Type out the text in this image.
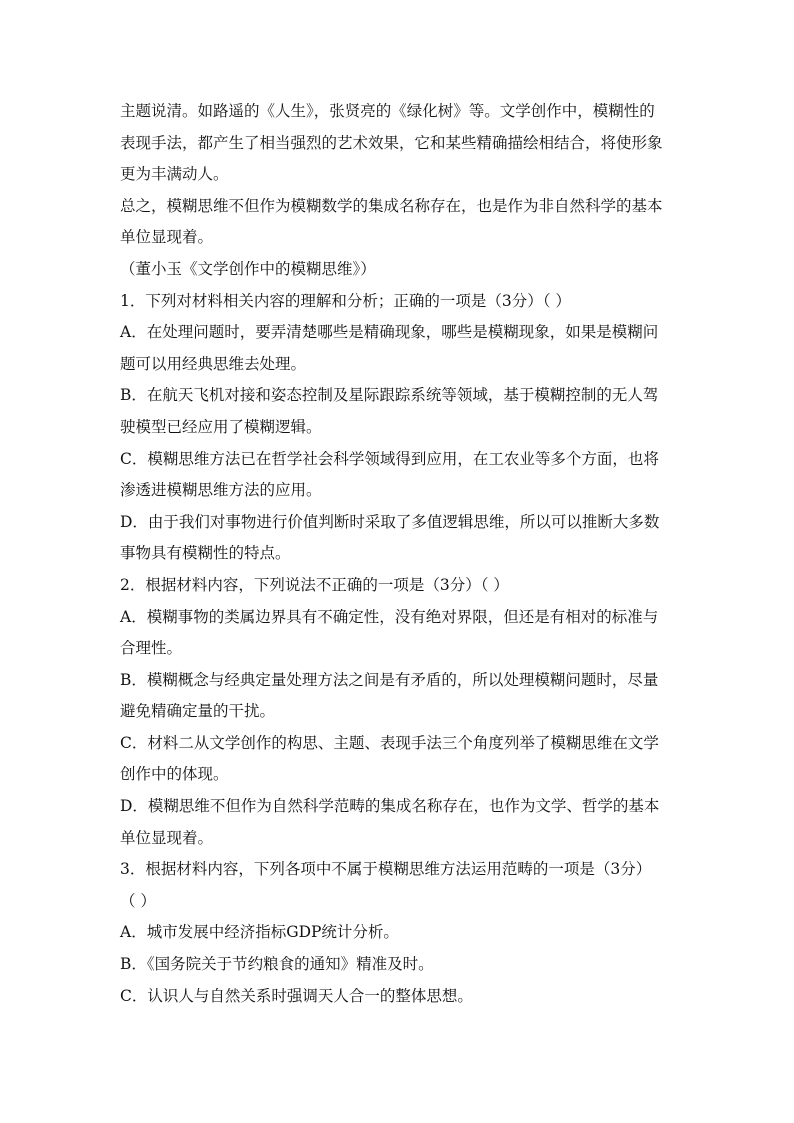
主题说清。如路遥的《人生》，张贤亮的《绿化树》等。文学创作中，模糊性的
表现手法，都产生了相当强烈的艺术效果，它和某些精确描绘相结合，将使形象
更为丰满动人。
总之，模糊思维不但作为模糊数学的集成名称存在，也是作为非自然科学的基本
单位显现着。
（董小玉《文学创作中的模糊思维》）
1．下列对材料相关内容的理解和分析；正确的一项是（3分）（ ）
A．在处理问题时，要弄清楚哪些是精确现象，哪些是模糊现象，如果是模糊问
题可以用经典思维去处理。
B．在航天飞机对接和姿态控制及星际跟踪系统等领域，基于模糊控制的无人驾
驶模型已经应用了模糊逻辑。
C．模糊思维方法已在哲学社会科学领域得到应用，在工农业等多个方面，也将
渗透进模糊思维方法的应用。
D．由于我们对事物进行价值判断时采取了多值逻辑思维，所以可以推断大多数
事物具有模糊性的特点。
2．根据材料内容，下列说法不正确的一项是（3分）（ ）
A．模糊事物的类属边界具有不确定性，没有绝对界限，但还是有相对的标准与
合理性。
B．模糊概念与经典定量处理方法之间是有矛盾的，所以处理模糊问题时，尽量
避免精确定量的干扰。
C．材料二从文学创作的构思、主题、表现手法三个角度列举了模糊思维在文学
创作中的体现。
D．模糊思维不但作为自然科学范畴的集成名称存在，也作为文学、哲学的基本
单位显现着。
3．根据材料内容，下列各项中不属于模糊思维方法运用范畴的一项是（3分）
（ ）
A．城市发展中经济指标GDP统计分析。
B．《国务院关于节约粮食的通知》精准及时。
C．认识人与自然关系时强调天人合一的整体思想。
